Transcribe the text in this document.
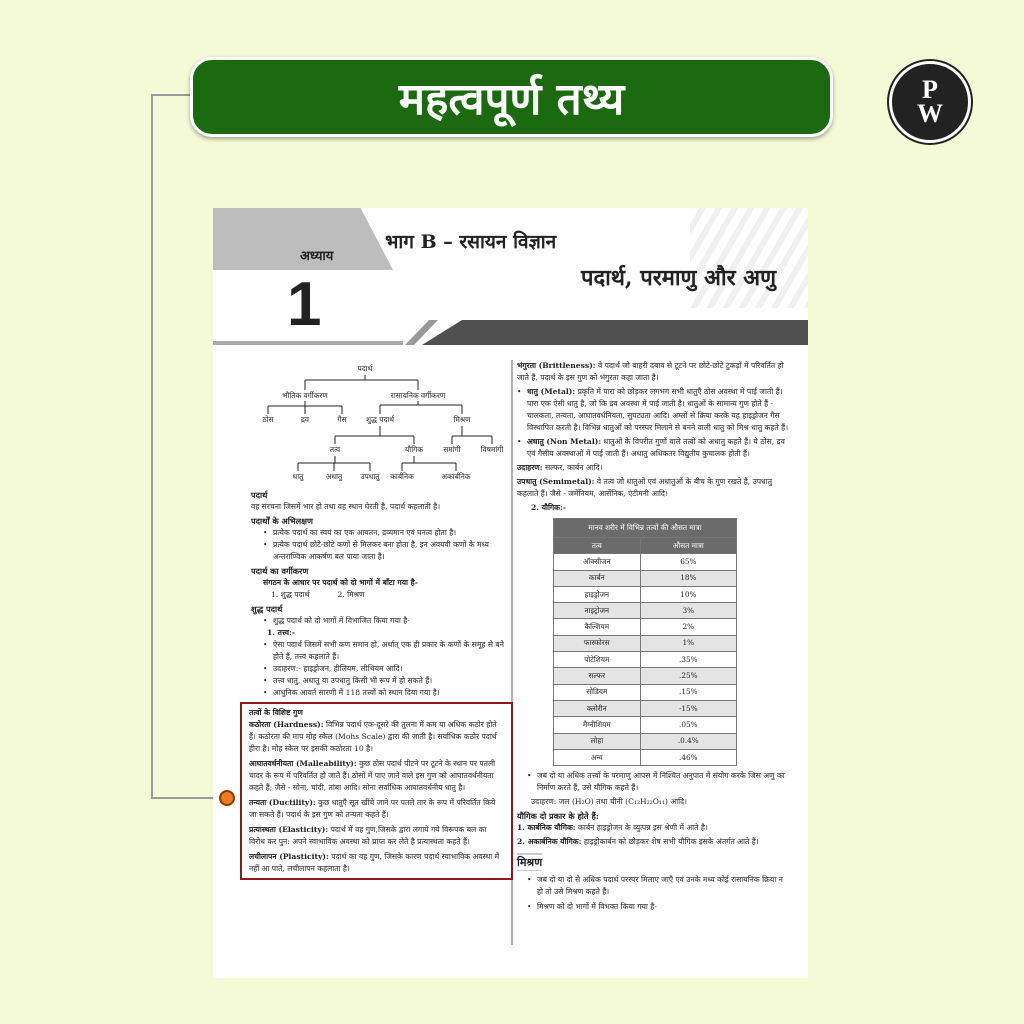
महत्वपूर्ण तथ्य	P
W
अध्याय
1
भाग B – रसायन विज्ञान
पदार्थ, परमाणु और अणु
पदार्थ
भौतिक वर्गीकरण	रासायनिक वर्गीकरण
ठोस	द्रव	गैस	शुद्ध पदार्थ	मिश्रण
तत्व	यौगिक	समांगी	विषमांगी
धातु	अधातु उपधातु कार्बनिक	अकार्बनिक
पदार्थ
वह संरचना जिसमें भार हो तथा वह स्थान घेरती है, पदार्थ कहलाती है।
पदार्थों के अभिलक्षण
• प्रत्येक पदार्थ का स्वयं का एक आयतन, द्रव्यमान एवं घनत्व होता है।
• प्रत्येक पदार्थ छोटे-छोटे कणों से मिलकर बना होता है, इन अवयवी कणों के मध्य अन्तराण्विक आकर्षण बल पाया जाता है।
पदार्थ का वर्गीकरण
संगठन के आधार पर पदार्थ को दो भागों में बाँटा गया है-
1. शुद्ध पदार्थ	2. मिश्रण
शुद्ध पदार्थ
• शुद्ध पदार्थ को दो भागों में विभाजित किया गया है-
1. तत्त्व:-
• ऐसा पदार्थ जिसमें सभी कण समान हो, अर्थात् एक ही प्रकार के कणों के समूह से बने होते हैं, तत्त्व कहलाते हैं।
• उदाहरण:- हाइड्रोजन, हीलियम, लीथियम आदि।
• तत्त्व धातु, अधातु या उपधातु किसी भी रूप में हो सकते हैं।
• आधुनिक आवर्त सारणी में 118 तत्त्वों को स्थान दिया गया है।
तत्वों के विशिष्ट गुण
कठोरता (Hardness): विभिन्न पदार्थ एक-दूसरे की तुलना में कम या अधिक कठोर होते हैं। कठोरता की माप मोह स्केल (Mohs Scale) द्वारा की जाती है। सर्वाधिक कठोर पदार्थ हीरा है। मोह स्केल पर इसकी कठोरता 10 है।
आघातवर्धनीयता (Malleability): कुछ ठोस पदार्थ पीटने पर टूटने के स्थान पर पतली चादर के रूप में परिवर्तित हो जाते हैं। ठोसों में पाए जाने वाले इस गुण को आघातवर्धनीयता कहते हैं; जैसे - सोना, चांदी, तांबा आदि। सोना सर्वाधिक आघातवर्धनीय धातु है।
तन्यता (Ductility): कुछ धातुएँ सूत खींचे जाने पर पतले तार के रूप में परिवर्तित किये जा सकते हैं। पदार्थ के इस गुण को तन्यता कहते हैं।
प्रत्यास्थता (Elasticity): पदार्थ में वह गुण,जिसके द्वारा लगाये गये विरूपक बल का विरोध कर पुन: अपने स्वाभाविक अवस्था को प्राप्त कर लेते है प्रत्यास्थता कहते हैं।
लचीलापन (Plasticity): पदार्थ का वह गुण, जिसके कारण पदार्थ स्वाभाविक अवस्था में नहीं आ पाते, लचीलापन कहलाता है।
भंगुरता (Brittleness): वे पदार्थ जो बाहरी दबाव से टूटने पर छोटे-छोटे टुकड़ों में परिवर्तित हो जाते हैं, पदार्थ के इस गुण को भंगुरता कहा जाता है।
• धातु (Metal): प्रकृति में पारा को छोड़कर लगभग सभी धातुएँ ठोस अवस्था में पाई जाती हैं। पारा एक ऐसी धातु है, जो कि द्रव अवस्था में पाई जाती है। धातुओं के सामान्य गुण होते हैं - चालकता, तन्यता, आघातवर्धनियता, सुघट्यता आदि। अम्लों से क्रिया करके यह हाइड्रोजन गैस विस्थापित करती है। विभिन्न धातुओं को परस्पर मिलाने से बनने वाली धातु को मिश्र धातु कहते हैं।
• अधातु (Non Metal): धातुओं के विपरीत गुणों वाले तत्वों को अधातु कहते हैं। ये ठोस, द्रव एवं गैसीय अवस्थाओं में पाई जाती हैं। अधातु अधिकतर विद्युतीय कुचालक होती हैं।
उदाहरण: सल्फर, कार्बन आदि।
उपधातु (Semimetal): वे तत्व जो धातुओं एवं अधातुओं के बीच के गुण रखते हैं, उपधातु कहलाते हैं। जैसे - जर्मेनियम, आर्सेनिक, एंटीमनी आदि।
2. यौगिक:-
मानव शरीर में विभिन्न तत्वों की औसत मात्रा	
तत्व	औसत मात्रा
ऑक्सीजन	65%
कार्बन	18%
हाइड्रोजन	10%
नाइट्रोजन	3%
कैल्शियम	2%
फास्फोरस	1%
पोटेशियम	.35%
सल्फर	.25%
सोडियम	.15%
क्लोरीन	-15%
मैग्नीशियम	.05%
लोहा	.0.4%
अन्य	.46%
• जब दो या अधिक तत्त्वों के परमाणु आपस में निश्चित अनुपात में संयोग करके जिस अणु का निर्माण करते हैं, उसे यौगिक कहते हैं।
उदाहरण: जल (H₂O) तथा चीनी (C₁₂H₂₂O₁₁) आदि।
यौगिक दो प्रकार के होते हैं:
1. कार्बनिक यौगिक: कार्बन हाइड्रोजन के व्युत्पन्न इस श्रेणी में आते है।
2. अकार्बनिक यौगिक: हाइड्रोकार्बन को छोड़कर शेष सभी यौगिक इसके अंतर्गत आते हैं।
मिश्रण
• जब दो या दो से अधिक पदार्थ परस्पर मिलाए जाएँ एवं उनके मध्य कोई रासायनिक क्रिया न हो तो उसे मिश्रण कहते हैं।
• मिश्रण को दो भागों में विभक्त किया गया है-
